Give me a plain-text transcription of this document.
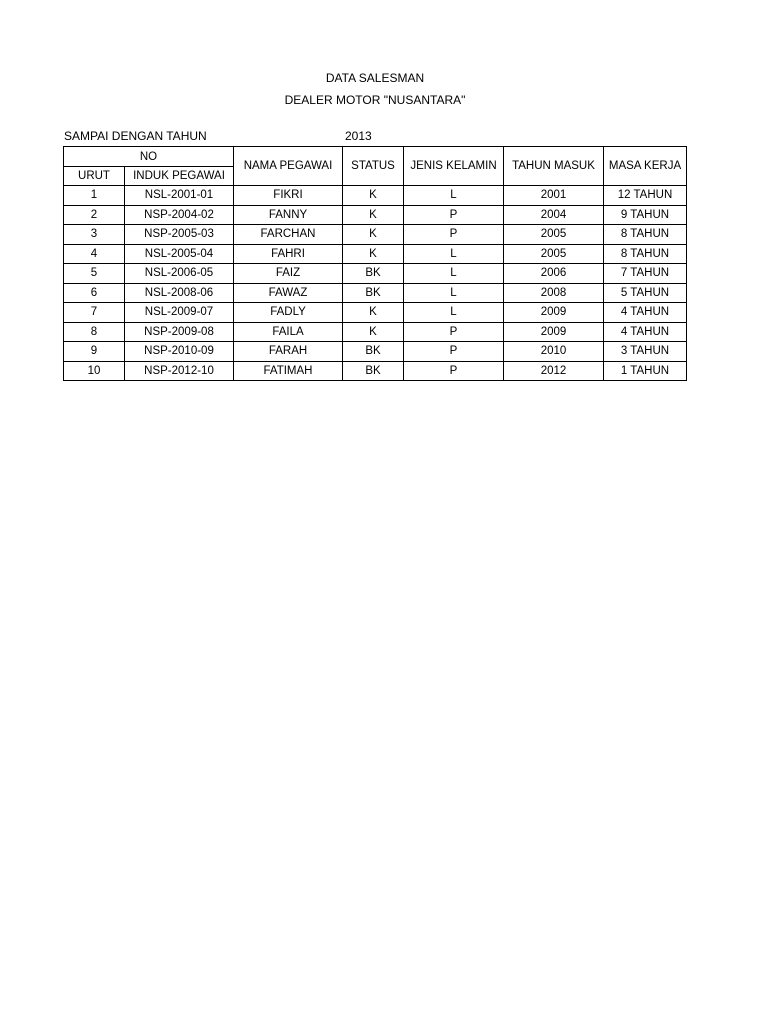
DATA SALESMAN
DEALER MOTOR "NUSANTARA"
SAMPAI DENGAN TAHUN	2013
NO		NAMA PEGAWAI	STATUS	JENIS KELAMIN	TAHUN MASUK	MASA KERJA
URUT	INDUK PEGAWAI					
1	NSL-2001-01	FIKRI	K	L	2001	12 TAHUN
2	NSP-2004-02	FANNY	K	P	2004	9 TAHUN
3	NSP-2005-03	FARCHAN	K	P	2005	8 TAHUN
4	NSL-2005-04	FAHRI	K	L	2005	8 TAHUN
5	NSL-2006-05	FAIZ	BK	L	2006	7 TAHUN
6	NSL-2008-06	FAWAZ	BK	L	2008	5 TAHUN
7	NSL-2009-07	FADLY	K	L	2009	4 TAHUN
8	NSP-2009-08	FAILA	K	P	2009	4 TAHUN
9	NSP-2010-09	FARAH	BK	P	2010	3 TAHUN
10	NSP-2012-10	FATIMAH	BK	P	2012	1 TAHUN
